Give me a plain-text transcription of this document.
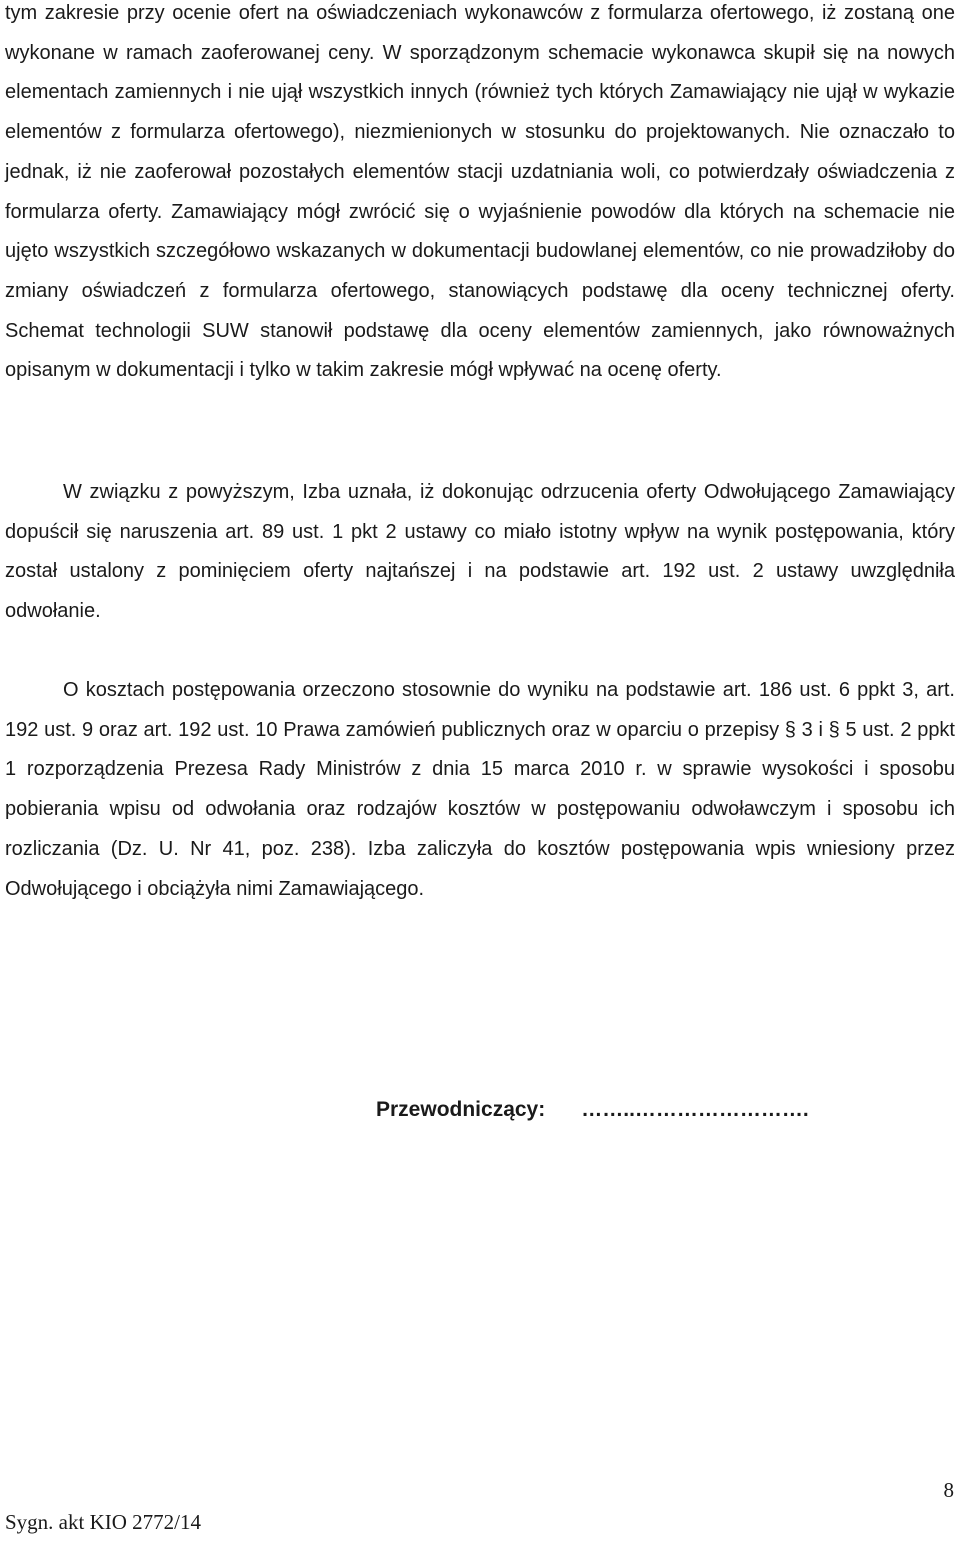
tym zakresie przy ocenie ofert na oświadczeniach wykonawców z formularza ofertowego, iż zostaną one wykonane w ramach zaoferowanej ceny. W sporządzonym schemacie wykonawca skupił się na nowych elementach zamiennych i nie ujął wszystkich innych (również tych których Zamawiający nie ujął w wykazie elementów z formularza ofertowego), niezmienionych w stosunku do projektowanych. Nie oznaczało to jednak, iż nie zaoferował pozostałych elementów stacji uzdatniania woli, co potwierdzały oświadczenia z formularza oferty. Zamawiający mógł zwrócić się o wyjaśnienie powodów dla których na schemacie nie ujęto wszystkich szczegółowo wskazanych w dokumentacji budowlanej elementów, co nie prowadziłoby do zmiany oświadczeń z formularza ofertowego, stanowiących podstawę dla oceny technicznej oferty. Schemat technologii SUW stanowił podstawę dla oceny elementów zamiennych, jako równoważnych opisanym w dokumentacji i tylko w takim zakresie mógł wpływać na ocenę oferty.

W związku z powyższym, Izba uznała, iż dokonując odrzucenia oferty Odwołującego Zamawiający dopuścił się naruszenia art. 89 ust. 1 pkt 2 ustawy co miało istotny wpływ na wynik postępowania, który został ustalony z pominięciem oferty najtańszej i na podstawie art. 192 ust. 2 ustawy uwzględniła odwołanie.

O kosztach postępowania orzeczono stosownie do wyniku na podstawie art. 186 ust. 6 ppkt 3, art. 192 ust. 9 oraz art. 192 ust. 10 Prawa zamówień publicznych oraz w oparciu o przepisy § 3 i § 5 ust. 2 ppkt 1 rozporządzenia Prezesa Rady Ministrów z dnia 15 marca 2010 r. w sprawie wysokości i sposobu pobierania wpisu od odwołania oraz rodzajów kosztów w postępowaniu odwoławczym i sposobu ich rozliczania (Dz. U. Nr 41, poz. 238). Izba zaliczyła do kosztów postępowania wpis wniesiony przez Odwołującego i obciążyła nimi Zamawiającego.

Przewodniczący: ……..…………………….
8
Sygn. akt KIO 2772/14
